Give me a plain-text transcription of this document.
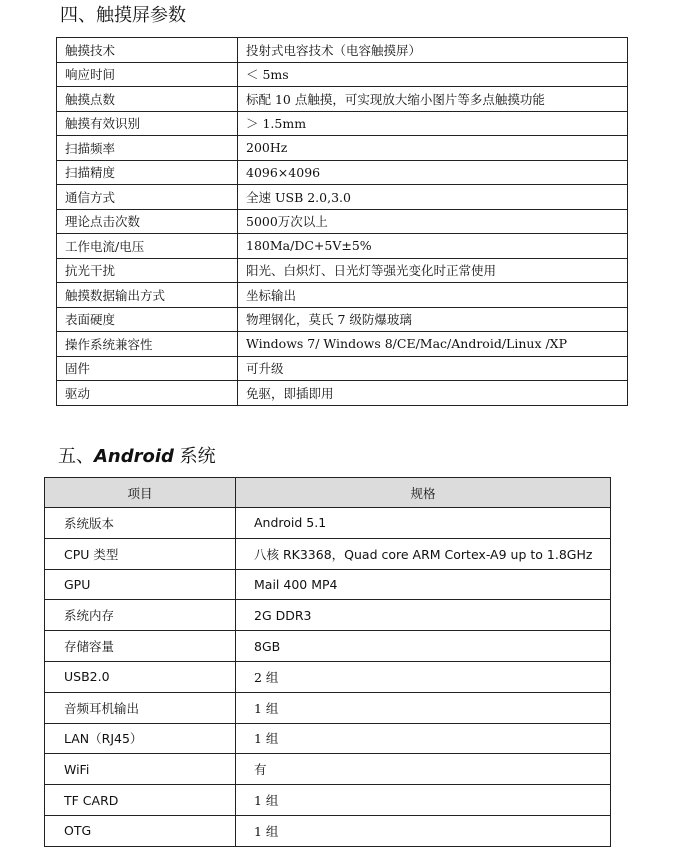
四、触摸屏参数
触摸技术	投射式电容技术（电容触摸屏）
响应时间	＜ 5ms
触摸点数	标配 10 点触摸，可实现放大缩小图片等多点触摸功能
触摸有效识别	＞ 1.5mm
扫描频率	200Hz
扫描精度	4096×4096
通信方式	全速 USB 2.0,3.0
理论点击次数	5000万次以上
工作电流/电压	180Ma/DC+5V±5%
抗光干扰	阳光、白炽灯、日光灯等强光变化时正常使用
触摸数据输出方式	坐标输出
表面硬度	物理钢化，莫氏 7 级防爆玻璃
操作系统兼容性	Windows 7/ Windows 8/CE/Mac/Android/Linux /XP
固件	可升级
驱动	免驱，即插即用
五、Android 系统
项目	规格
系统版本	Android 5.1
CPU 类型	八核 RK3368，Quad core ARM Cortex-A9 up to 1.8GHz
GPU	Mail 400 MP4
系统内存	2G DDR3
存储容量	8GB
USB2.0	2 组
音频耳机输出	1 组
LAN（RJ45）	1 组
WiFi	有
TF CARD	1 组
OTG	1 组
